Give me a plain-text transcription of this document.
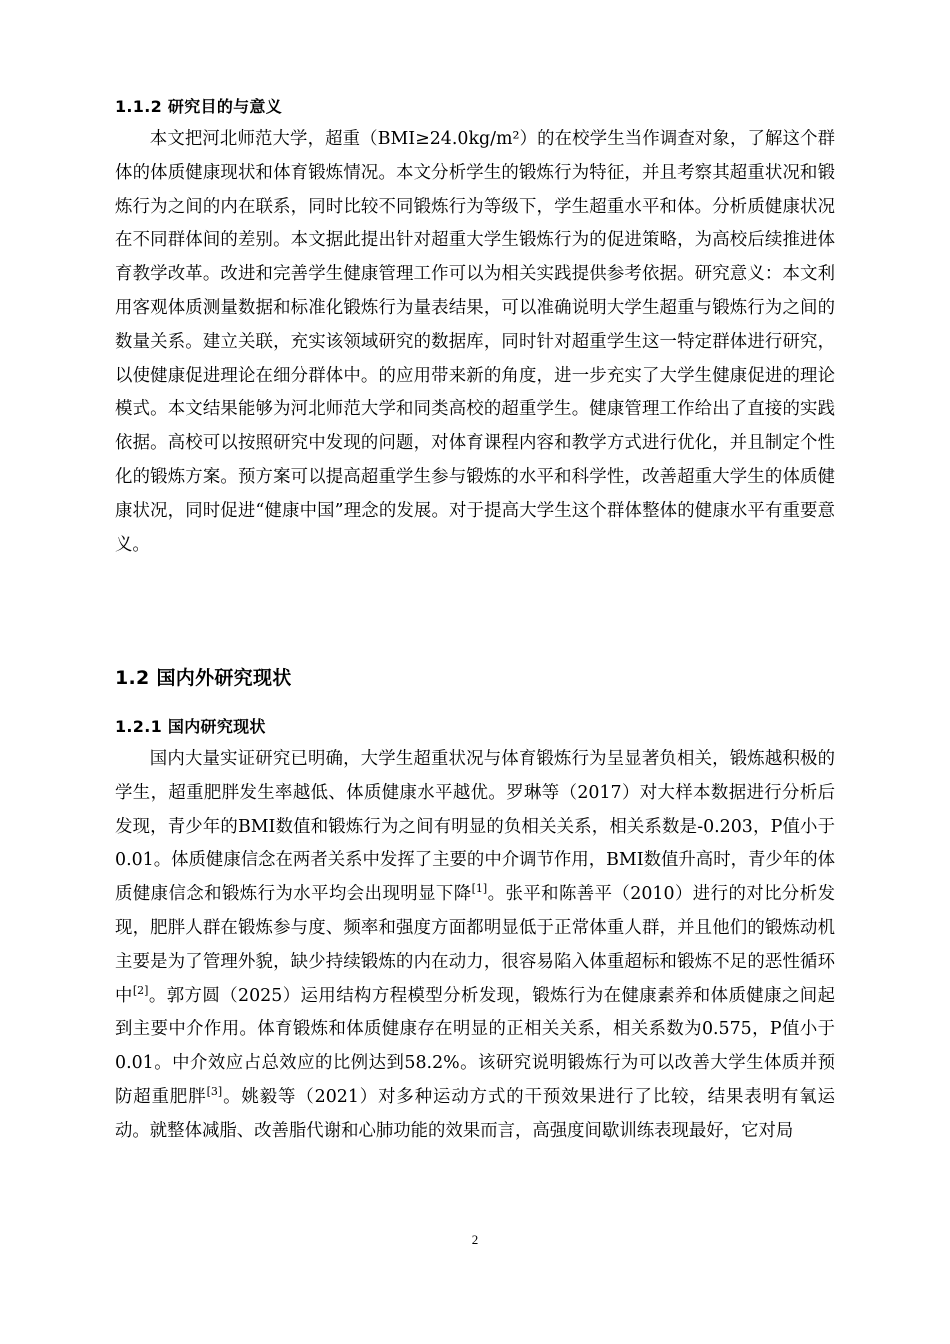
1.1.2 研究目的与意义
本文把河北师范大学，超重（BMI≥24.0kg/m²）的在校学生当作调查对象，了解这个群体的体质健康现状和体育锻炼情况。本文分析学生的锻炼行为特征，并且考察其超重状况和锻炼行为之间的内在联系，同时比较不同锻炼行为等级下，学生超重水平和体。分析质健康状况在不同群体间的差别。本文据此提出针对超重大学生锻炼行为的促进策略，为高校后续推进体育教学改革。改进和完善学生健康管理工作可以为相关实践提供参考依据。研究意义：本文利用客观体质测量数据和标准化锻炼行为量表结果，可以准确说明大学生超重与锻炼行为之间的数量关系。建立关联，充实该领域研究的数据库，同时针对超重学生这一特定群体进行研究，以使健康促进理论在细分群体中。的应用带来新的角度，进一步充实了大学生健康促进的理论模式。本文结果能够为河北师范大学和同类高校的超重学生。健康管理工作给出了直接的实践依据。高校可以按照研究中发现的问题，对体育课程内容和教学方式进行优化，并且制定个性化的锻炼方案。预方案可以提高超重学生参与锻炼的水平和科学性，改善超重大学生的体质健康状况，同时促进“健康中国”理念的发展。对于提高大学生这个群体整体的健康水平有重要意义。
1.2 国内外研究现状
1.2.1 国内研究现状
国内大量实证研究已明确，大学生超重状况与体育锻炼行为呈显著负相关，锻炼越积极的学生，超重肥胖发生率越低、体质健康水平越优。罗琳等（2017）对大样本数据进行分析后发现，青少年的BMI数值和锻炼行为之间有明显的负相关关系，相关系数是-0.203，P值小于0.01。体质健康信念在两者关系中发挥了主要的中介调节作用，BMI数值升高时，青少年的体质健康信念和锻炼行为水平均会出现明显下降[1]。张平和陈善平（2010）进行的对比分析发现，肥胖人群在锻炼参与度、频率和强度方面都明显低于正常体重人群，并且他们的锻炼动机主要是为了管理外貌，缺少持续锻炼的内在动力，很容易陷入体重超标和锻炼不足的恶性循环中[2]。郭方圆（2025）运用结构方程模型分析发现，锻炼行为在健康素养和体质健康之间起到主要中介作用。体育锻炼和体质健康存在明显的正相关关系，相关系数为0.575，P值小于0.01。中介效应占总效应的比例达到58.2%。该研究说明锻炼行为可以改善大学生体质并预防超重肥胖[3]。姚毅等（2021）对多种运动方式的干预效果进行了比较，结果表明有氧运动。就整体减脂、改善脂代谢和心肺功能的效果而言，高强度间歇训练表现最好，它对局
2
